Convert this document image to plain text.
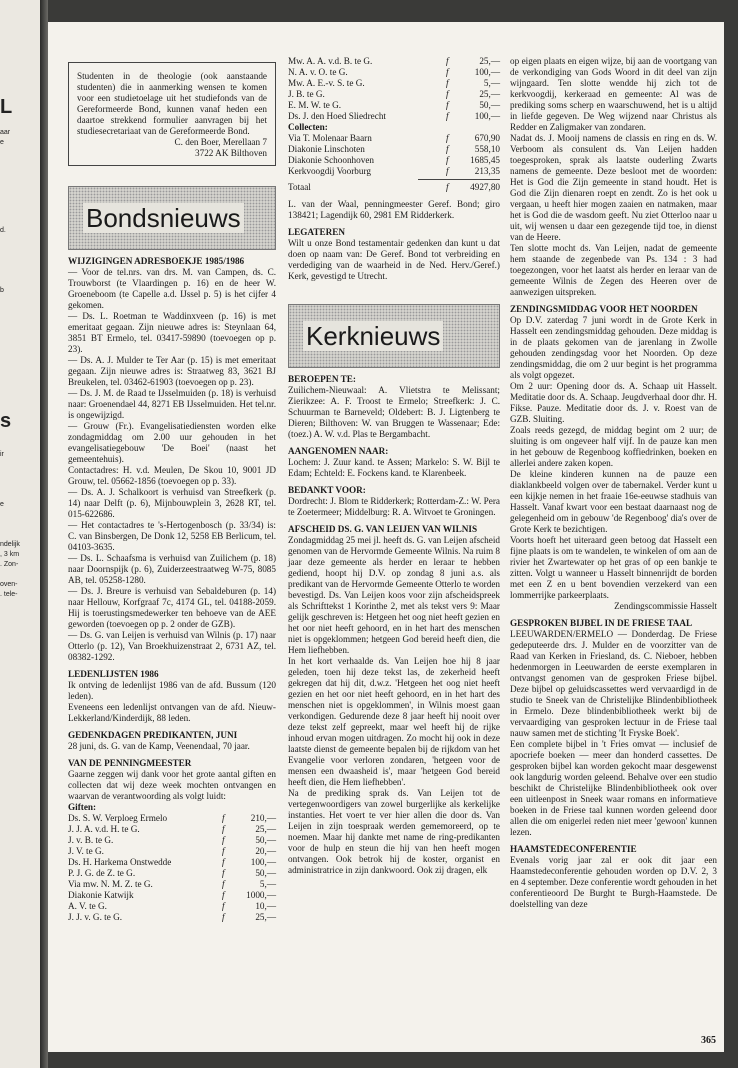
L
aar
e
d.
b
s
ir
e
ndelijk
, 3 km
. Zon-
oven-
. tele-
Studenten in de theologie (ook aanstaande studenten) die in aanmerking wensen te komen voor een studietoelage uit het studiefonds van de Gereformeerde Bond, kunnen vanaf heden een daartoe strekkend formulier aanvragen bij het studiesecretariaat van de Gereformeerde Bond.
C. den Boer, Merellaan 7
3722 AK Bilthoven
Bondsnieuws
WIJZIGINGEN ADRESBOEKJE 1985/1986
— Voor de tel.nrs. van drs. M. van Campen, ds. C. Trouwborst (te Vlaardingen p. 16) en de heer W. Groeneboom (te Capelle a.d. IJssel p. 5) is het cijfer 4 gekomen.
— Ds. L. Roetman te Waddinxveen (p. 16) is met emeritaat gegaan. Zijn nieuwe adres is: Steynlaan 64, 3851 BT Ermelo, tel. 03417-59890 (toevoegen op p. 23).
— Ds. A. J. Mulder te Ter Aar (p. 15) is met emeritaat gegaan. Zijn nieuwe adres is: Straatweg 83, 3621 BJ Breukelen, tel. 03462-61903 (toevoegen op p. 23).
— Ds. J. M. de Raad te IJsselmuiden (p. 18) is verhuisd naar: Groenendael 44, 8271 EB IJsselmuiden. Het tel.nr. is ongewijzigd.
— Grouw (Fr.). Evangelisatiediensten worden elke zondagmiddag om 2.00 uur gehouden in het evangelisatiegebouw 'De Boei' (naast het gemeentehuis).
Contactadres: H. v.d. Meulen, De Skou 10, 9001 JD Grouw, tel. 05662-1856 (toevoegen op p. 33).
— Ds. A. J. Schalkoort is verhuisd van Streefkerk (p. 14) naar Delft (p. 6), Mijnbouwplein 3, 2628 RT, tel. 015-622686.
— Het contactadres te 's-Hertogenbosch (p. 33/34) is: C. van Binsbergen, De Donk 12, 5258 EB Berlicum, tel. 04103-3635.
— Ds. L. Schaafsma is verhuisd van Zuilichem (p. 18) naar Doornspijk (p. 6), Zuiderzeestraatweg W-75, 8085 AB, tel. 05258-1280.
— Ds. J. Breure is verhuisd van Sebaldeburen (p. 14) naar Hellouw, Korfgraaf 7c, 4174 GL, tel. 04188-2059. Hij is toerustingsmedewerker ten behoeve van de AEE geworden (toevoegen op p. 2 onder de GZB).
— Ds. G. van Leijen is verhuisd van Wilnis (p. 17) naar Otterlo (p. 12), Van Broekhuizenstraat 2, 6731 AZ, tel. 08382-1292.
LEDENLIJSTEN 1986
Ik ontving de ledenlijst 1986 van de afd. Bussum (120 leden).
Eveneens een ledenlijst ontvangen van de afd. Nieuw-Lekkerland/Kinderdijk, 88 leden.
GEDENKDAGEN PREDIKANTEN, JUNI
28 juni, ds. G. van de Kamp, Veenendaal, 70 jaar.
VAN DE PENNINGMEESTER
Gaarne zeggen wij dank voor het grote aantal giften en collecten dat wij deze week mochten ontvangen en waarvan de verantwoording als volgt luidt:
Giften:
Ds. S. W. Verploeg Ermelo	f	210,—
J. J. A. v.d. H. te G.	f	25,—
J. v. B. te G.	f	50,—
J. V. te G.	f	20,—
Ds. H. Harkema Onstwedde	f	100,—
P. J. G. de Z. te G.	f	50,—
Via mw. N. M. Z. te G.	f	5,—
Diakonie Katwijk	f	1000,—
A. V. te G.	f	10,—
J. J. v. G. te G.	f	25,—
Mw. A. A. v.d. B. te G.	f	25,—
N. A. v. O. te G.	f	100,—
Mw. A. E.-v. S. te G.	f	5,—
J. B. te G.	f	25,—
E. M. W. te G.	f	50,—
Ds. J. den Hoed Sliedrecht	f	100,—
Collecten:
Via T. Molenaar Baarn	f	670,90
Diakonie Linschoten	f	558,10
Diakonie Schoonhoven	f	1685,45
Kerkvoogdij Voorburg	f	213,35
Totaal	f	4927,80
L. van der Waal, penningmeester Geref. Bond; giro 138421; Lagendijk 60, 2981 EM Ridderkerk.
LEGATEREN
Wilt u onze Bond testamentair gedenken dan kunt u dat doen op naam van: De Geref. Bond tot verbreiding en verdediging van de waarheid in de Ned. Herv./Geref.) Kerk, gevestigd te Utrecht.
Kerknieuws
BEROEPEN TE:
Zuilichem-Nieuwaal: A. Vlietstra te Melissant; Zierikzee: A. F. Troost te Ermelo; Streefkerk: J. C. Schuurman te Barneveld; Oldebert: B. J. Ligtenberg te Dieren; Bilthoven: W. van Bruggen te Wassenaar; Ede: (toez.) A. W. v.d. Plas te Bergambacht.
AANGENOMEN NAAR:
Lochem: J. Zuur kand. te Assen; Markelo: S. W. Bijl te Edam; Echteld: E. Fockens kand. te Klarenbeek.
BEDANKT VOOR:
Dordrecht: J. Blom te Ridderkerk; Rotterdam-Z.: W. Pera te Zoetermeer; Middelburg: R. A. Witvoet te Groningen.
AFSCHEID DS. G. VAN LEIJEN VAN WILNIS
Zondagmiddag 25 mei jl. heeft ds. G. van Leijen afscheid genomen van de Hervormde Gemeente Wilnis. Na ruim 8 jaar deze gemeente als herder en leraar te hebben gediend, hoopt hij D.V. op zondag 8 juni a.s. als predikant van de Hervormde Gemeente Otterlo te worden bevestigd. Ds. Van Leijen koos voor zijn afscheidspreek als Schrifttekst 1 Korinthe 2, met als tekst vers 9: Maar gelijk geschreven is: Hetgeen het oog niet heeft gezien en het oor niet heeft gehoord, en in het hart des menschen niet is opgeklommen; hetgeen God bereid heeft dien, die Hem liefhebben.
In het kort verhaalde ds. Van Leijen hoe hij 8 jaar geleden, toen hij deze tekst las, de zekerheid heeft gekregen dat hij dit, d.w.z. 'Hetgeen het oog niet heeft gezien en het oor niet heeft gehoord, en in het hart des menschen niet is opgeklommen', in Wilnis moest gaan verkondigen. Gedurende deze 8 jaar heeft hij nooit over deze tekst zelf gepreekt, maar wel heeft hij de rijke inhoud ervan mogen uitdragen. Zo mocht hij ook in deze laatste dienst de gemeente bepalen bij de rijkdom van het Evangelie voor verloren zondaren, 'hetgeen voor de mensen een dwaasheid is', maar 'hetgeen God bereid heeft dien, die Hem liefhebben'.
Na de prediking sprak ds. Van Leijen tot de vertegenwoordigers van zowel burgerlijke als kerkelijke instanties. Het voert te ver hier allen die door ds. Van Leijen in zijn toespraak werden gememoreerd, op te noemen. Maar hij dankte met name de ring-predikanten voor de hulp en steun die hij van hen heeft mogen ontvangen. Ook betrok hij de koster, organist en administratrice in zijn dankwoord. Ook zij dragen, elk
op eigen plaats en eigen wijze, bij aan de voortgang van de verkondiging van Gods Woord in dit deel van zijn wijngaard. Ten slotte wendde hij zich tot de kerkvoogdij, kerkeraad en gemeente: Al was de prediking soms scherp en waarschuwend, het is u altijd in liefde gegeven. De Weg wijzend naar Christus als Redder en Zaligmaker van zondaren.
Nadat ds. J. Mooij namens de classis en ring en ds. W. Verboom als consulent ds. Van Leijen hadden toegesproken, sprak als laatste ouderling Zwarts namens de gemeente. Deze besloot met de woorden: Het is God die Zijn gemeente in stand houdt. Het is God die Zijn dienaren roept en zendt. Zo is het ook u vergaan, u heeft hier mogen zaaien en natmaken, maar het is God die de wasdom geeft. Nu ziet Otterloo naar u uit, wij wensen u daar een gezegende tijd toe, in dienst van de Heere.
Ten slotte mocht ds. Van Leijen, nadat de gemeente hem staande de zegenbede van Ps. 134 : 3 had toegezongen, voor het laatst als herder en leraar van de gemeente Wilnis de Zegen des Heeren over de aanwezigen uitspreken.
ZENDINGSMIDDAG VOOR HET NOORDEN
Op D.V. zaterdag 7 juni wordt in de Grote Kerk in Hasselt een zendingsmiddag gehouden. Deze middag is in de plaats gekomen van de jarenlang in Zwolle gehouden zendingsdag voor het Noorden. Op deze zendingsmiddag, die om 2 uur begint is het programma als volgt opgezet.
Om 2 uur: Opening door ds. A. Schaap uit Hasselt. Meditatie door ds. A. Schaap. Jeugdverhaal door dhr. H. Fikse. Pauze. Meditatie door ds. J. v. Roest van de GZB. Sluiting.
Zoals reeds gezegd, de middag begint om 2 uur; de sluiting is om ongeveer half vijf. In de pauze kan men in het gebouw de Regenboog koffiedrinken, boeken en allerlei andere zaken kopen.
De kleine kinderen kunnen na de pauze een diaklankbeeld volgen over de tabernakel. Verder kunt u een kijkje nemen in het fraaie 16e-eeuwse stadhuis van Hasselt. Vanaf kwart voor een bestaat daarnaast nog de gelegenheid om in gebouw 'de Regenboog' dia's over de Grote Kerk te bezichtigen.
Voorts hoeft het uiteraard geen betoog dat Hasselt een fijne plaats is om te wandelen, te winkelen of om aan de rivier het Zwartewater op het gras of op een bankje te zitten. Volgt u wanneer u Hasselt binnenrijdt de borden met een Z en u bent bovendien verzekerd van een lommerrijke parkeerplaats.
Zendingscommissie Hasselt
GESPROKEN BIJBEL IN DE FRIESE TAAL
LEEUWARDEN/ERMELO — Donderdag. De Friese gedeputeerde drs. J. Mulder en de voorzitter van de Raad van Kerken in Friesland, ds. C. Nieboer, hebben hedenmorgen in Leeuwarden de eerste exemplaren in ontvangst genomen van de gesproken Friese bijbel. Deze bijbel op geluidscassettes werd vervaardigd in de studio te Sneek van de Christelijke Blindenbibliotheek in Ermelo. Deze blindenbibliotheek werkt bij de vervaardiging van gesproken lectuur in de Friese taal nauw samen met de stichting 'It Fryske Boek'.
Een complete bijbel in 't Fries omvat — inclusief de apocriefe boeken — meer dan honderd cassettes. De gesproken bijbel kan worden gekocht maar desgewenst ook langdurig worden geleend. Behalve over een studio beschikt de Christelijke Blindenbibliotheek ook over een uitleenpost in Sneek waar romans en informatieve boeken in de Friese taal kunnen worden geleend door allen die om enigerlei reden niet meer 'gewoon' kunnen lezen.
HAAMSTEDECONFERENTIE
Evenals vorig jaar zal er ook dit jaar een Haamstedeconferentie gehouden worden op D.V. 2, 3 en 4 september. Deze conferentie wordt gehouden in het conferentieoord De Burght te Burgh-Haamstede. De doelstelling van deze
365
